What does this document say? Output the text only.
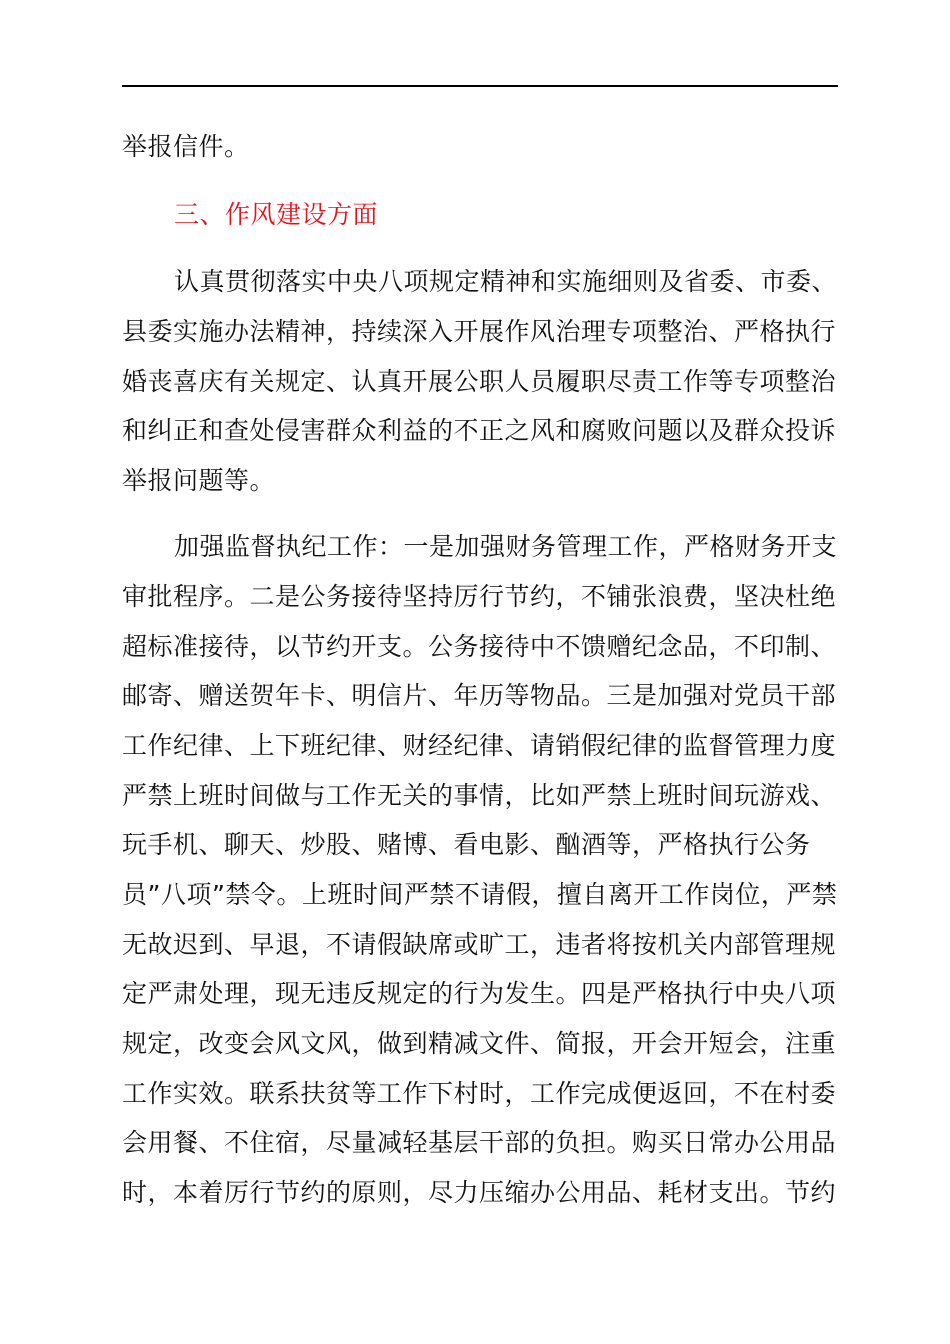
举报信件。
三、作风建设方面
认真贯彻落实中央八项规定精神和实施细则及省委、市委、
县委实施办法精神，持续深入开展作风治理专项整治、严格执行
婚丧喜庆有关规定、认真开展公职人员履职尽责工作等专项整治
和纠正和查处侵害群众利益的不正之风和腐败问题以及群众投诉
举报问题等。
加强监督执纪工作：一是加强财务管理工作，严格财务开支
审批程序。二是公务接待坚持厉行节约，不铺张浪费，坚决杜绝
超标准接待，以节约开支。公务接待中不馈赠纪念品，不印制、
邮寄、赠送贺年卡、明信片、年历等物品。三是加强对党员干部
工作纪律、上下班纪律、财经纪律、请销假纪律的监督管理力度
严禁上班时间做与工作无关的事情，比如严禁上班时间玩游戏、
玩手机、聊天、炒股、赌博、看电影、酗酒等，严格执行公务
员”八项”禁令。上班时间严禁不请假，擅自离开工作岗位，严禁
无故迟到、早退，不请假缺席或旷工，违者将按机关内部管理规
定严肃处理，现无违反规定的行为发生。四是严格执行中央八项
规定，改变会风文风，做到精减文件、简报，开会开短会，注重
工作实效。联系扶贫等工作下村时，工作完成便返回，不在村委
会用餐、不住宿，尽量减轻基层干部的负担。购买日常办公用品
时，本着厉行节约的原则，尽力压缩办公用品、耗材支出。节约
